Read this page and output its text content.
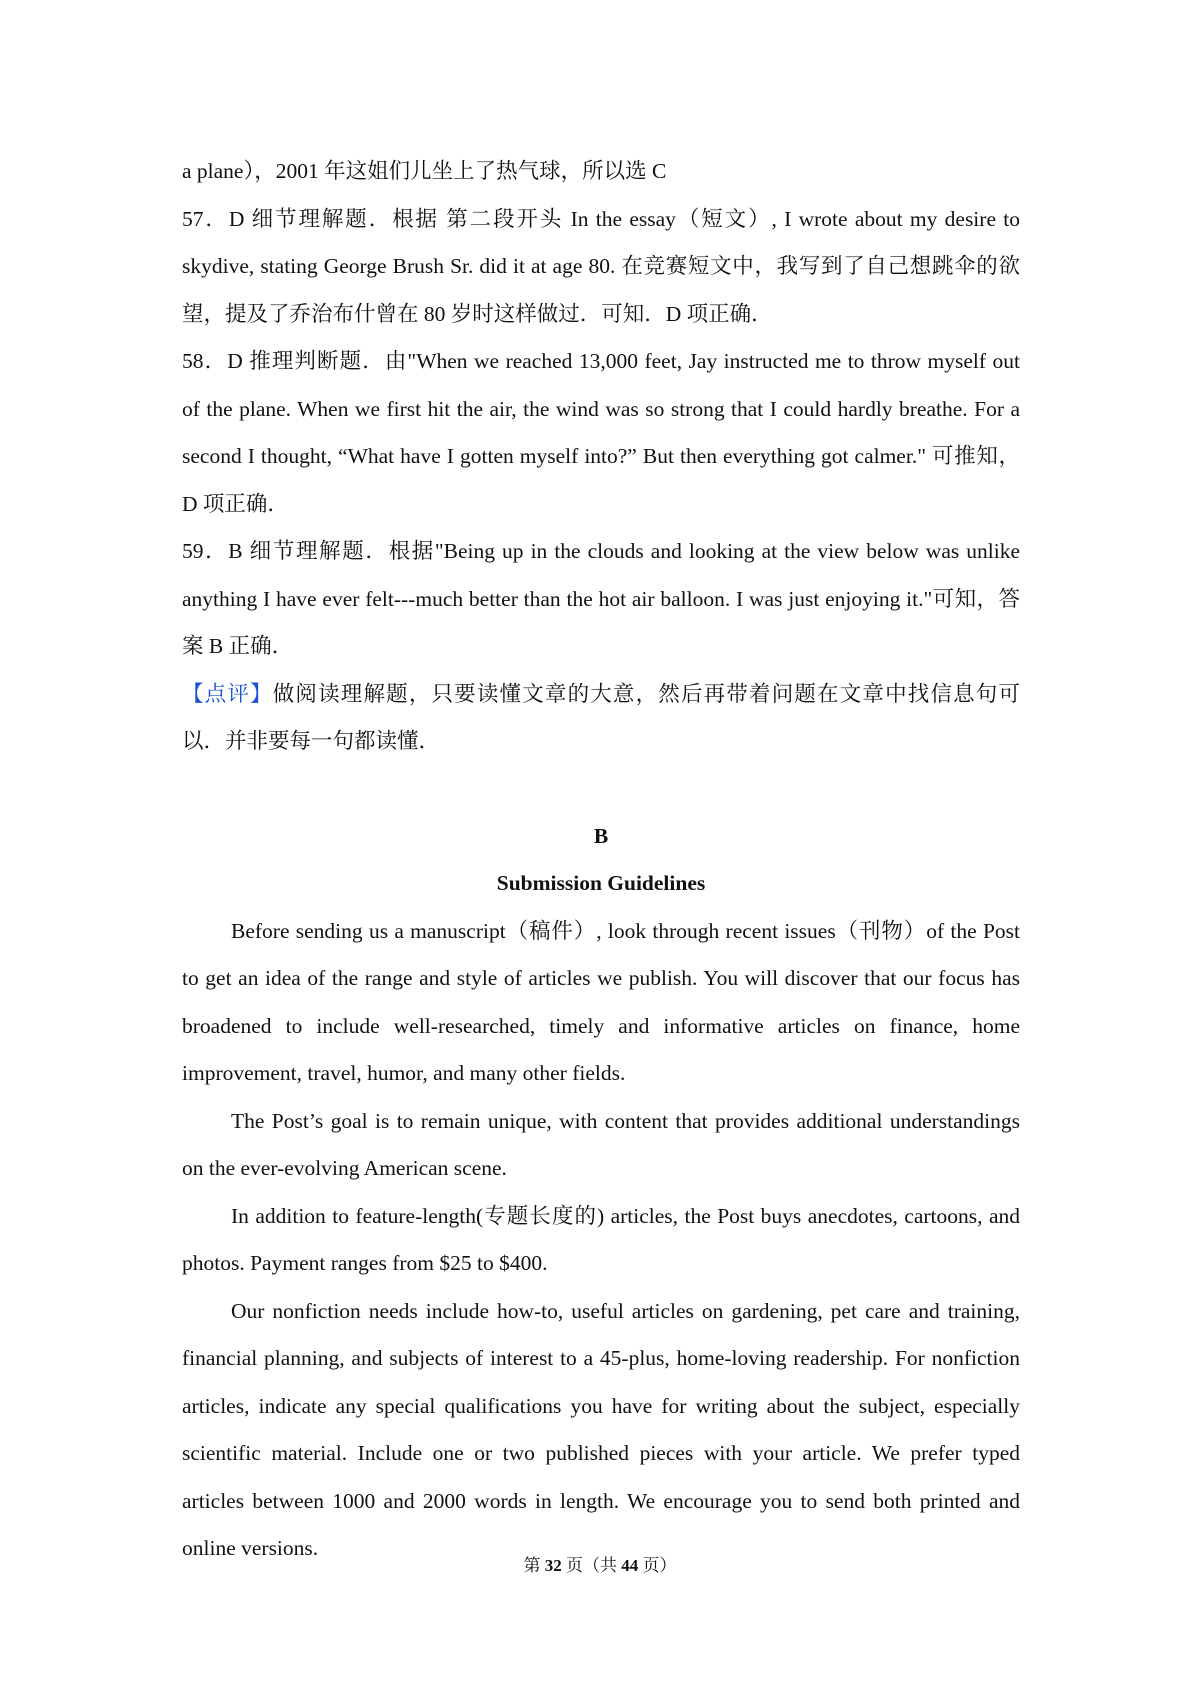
a plane），2001 年这姐们儿坐上了热气球，所以选 C

57．D 细节理解题．根据 第二段开头 In the essay（短文）, I wrote about my desire to skydive, stating George Brush Sr. did it at age 80. 在竞赛短文中，我写到了自己想跳伞的欲望，提及了乔治布什曾在 80 岁时这样做过．可知．D 项正确．

58．D 推理判断题．由"When we reached 13,000 feet, Jay instructed me to throw myself out of the plane. When we first hit the air, the wind was so strong that I could hardly breathe. For a second I thought, “What have I gotten myself into?” But then everything got calmer." 可推知，D 项正确．

59．B 细节理解题．根据"Being up in the clouds and looking at the view below was unlike anything I have ever felt---much better than the hot air balloon. I was just enjoying it."可知，答案 B 正确．

【点评】做阅读理解题，只要读懂文章的大意，然后再带着问题在文章中找信息句可以．并非要每一句都读懂．

B

Submission Guidelines

Before sending us a manuscript（稿件）, look through recent issues（刊物）of the Post to get an idea of the range and style of articles we publish. You will discover that our focus has broadened to include well-researched, timely and informative articles on finance, home improvement, travel, humor, and many other fields.

The Post’s goal is to remain unique, with content that provides additional understandings on the ever-evolving American scene.

In addition to feature-length(专题长度的) articles, the Post buys anecdotes, cartoons, and photos. Payment ranges from $25 to $400.

Our nonfiction needs include how-to, useful articles on gardening, pet care and training, financial planning, and subjects of interest to a 45-plus, home-loving readership. For nonfiction articles, indicate any special qualifications you have for writing about the subject, especially scientific material. Include one or two published pieces with your article. We prefer typed articles between 1000 and 2000 words in length. We encourage you to send both printed and online versions.

第 32 页（共 44 页）
